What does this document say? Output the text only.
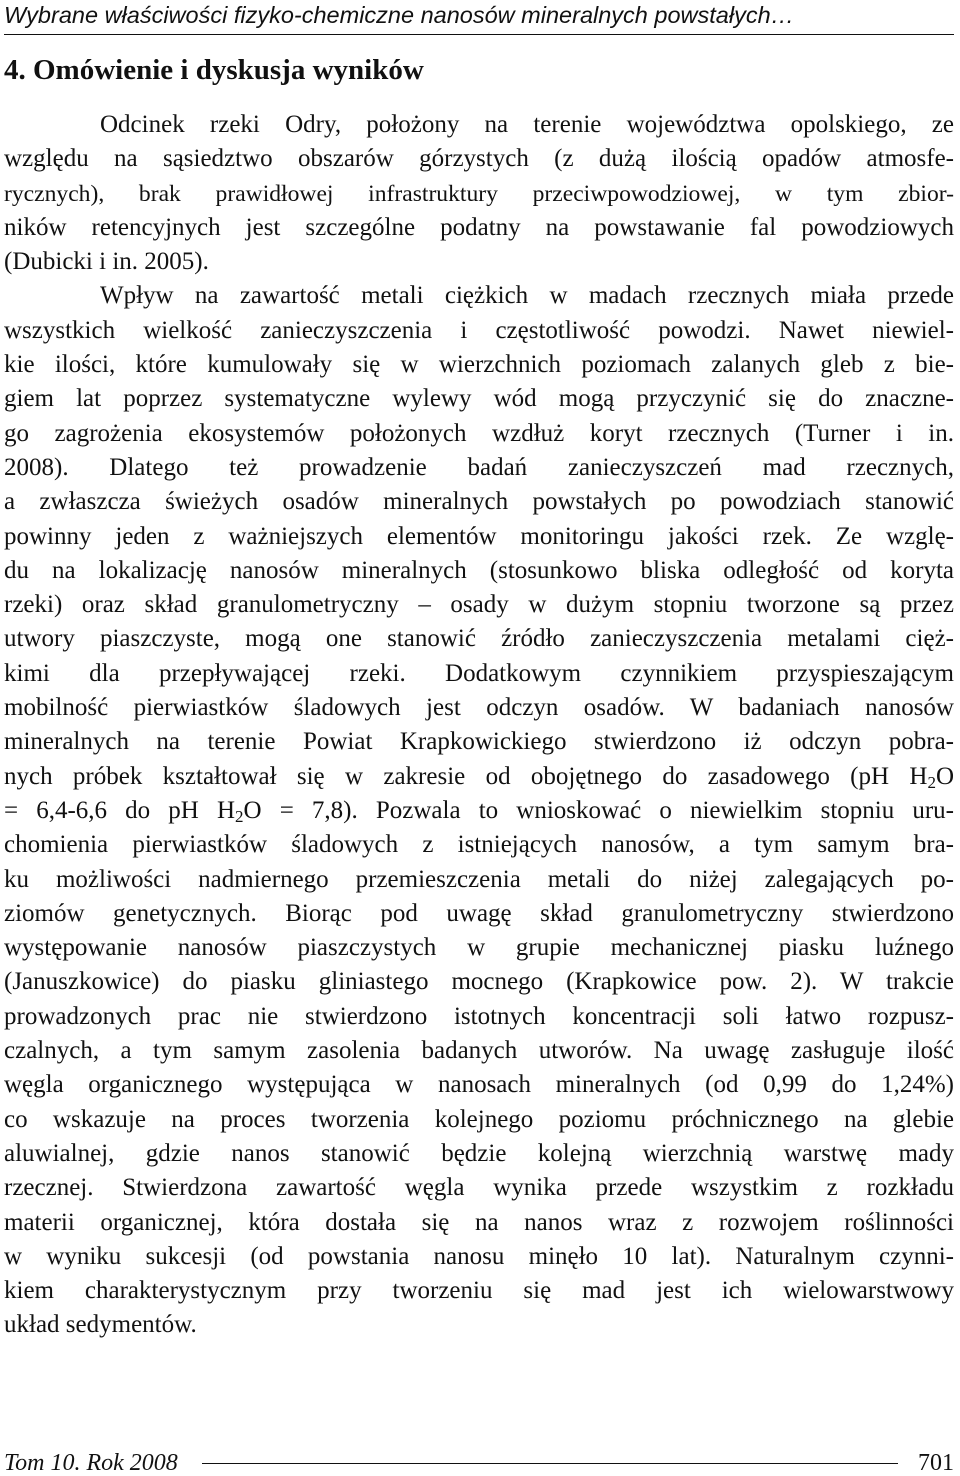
Wybrane właściwości fizyko-chemiczne nanosów mineralnych powstałych…
4. Omówienie i dyskusja wyników
Odcinek rzeki Odry, położony na terenie województwa opolskiego, ze
względu na sąsiedztwo obszarów górzystych (z dużą ilością opadów atmosfe-
rycznych), brak prawidłowej infrastruktury przeciwpowodziowej, w tym zbior-
ników retencyjnych jest szczególne podatny na powstawanie fal powodziowych
(Dubicki i in. 2005).
Wpływ na zawartość metali ciężkich w madach rzecznych miała przede
wszystkich wielkość zanieczyszczenia i częstotliwość powodzi. Nawet niewiel-
kie ilości, które kumulowały się w wierzchnich poziomach zalanych gleb z bie-
giem lat poprzez systematyczne wylewy wód mogą przyczynić się do znaczne-
go zagrożenia ekosystemów położonych wzdłuż koryt rzecznych (Turner i in.
2008). Dlatego też prowadzenie badań zanieczyszczeń mad rzecznych,
a zwłaszcza świeżych osadów mineralnych powstałych po powodziach stanowić
powinny jeden z ważniejszych elementów monitoringu jakości rzek. Ze wzglę-
du na lokalizację nanosów mineralnych (stosunkowo bliska odległość od koryta
rzeki) oraz skład granulometryczny – osady w dużym stopniu tworzone są przez
utwory piaszczyste, mogą one stanowić źródło zanieczyszczenia metalami cięż-
kimi dla przepływającej rzeki. Dodatkowym czynnikiem przyspieszającym
mobilność pierwiastków śladowych jest odczyn osadów. W badaniach nanosów
mineralnych na terenie Powiat Krapkowickiego stwierdzono iż odczyn pobra-
nych próbek kształtował się w zakresie od obojętnego do zasadowego (pH $H_2O$
= 6,4-6,6 do pH $H_2O = 7,8$). Pozwala to wnioskować o niewielkim stopniu uru-
chomienia pierwiastków śladowych z istniejących nanosów, a tym samym bra-
ku możliwości nadmiernego przemieszczenia metali do niżej zalegających po-
ziomów genetycznych. Biorąc pod uwagę skład granulometryczny stwierdzono
występowanie nanosów piaszczystych w grupie mechanicznej piasku luźnego
(Januszkowice) do piasku gliniastego mocnego (Krapkowice pow. 2). W trakcie
prowadzonych prac nie stwierdzono istotnych koncentracji soli łatwo rozpusz-
czalnych, a tym samym zasolenia badanych utworów. Na uwagę zasługuje ilość
węgla organicznego występująca w nanosach mineralnych (od 0,99 do 1,24%)
co wskazuje na proces tworzenia kolejnego poziomu próchnicznego na glebie
aluwialnej, gdzie nanos stanowić będzie kolejną wierzchnią warstwę mady
rzecznej. Stwierdzona zawartość węgla wynika przede wszystkim z rozkładu
materii organicznej, która dostała się na nanos wraz z rozwojem roślinności
w wyniku sukcesji (od powstania nanosu minęło 10 lat). Naturalnym czynni-
kiem charakterystycznym przy tworzeniu się mad jest ich wielowarstwowy
układ sedymentów.
Tom 10. Rok 2008	701
